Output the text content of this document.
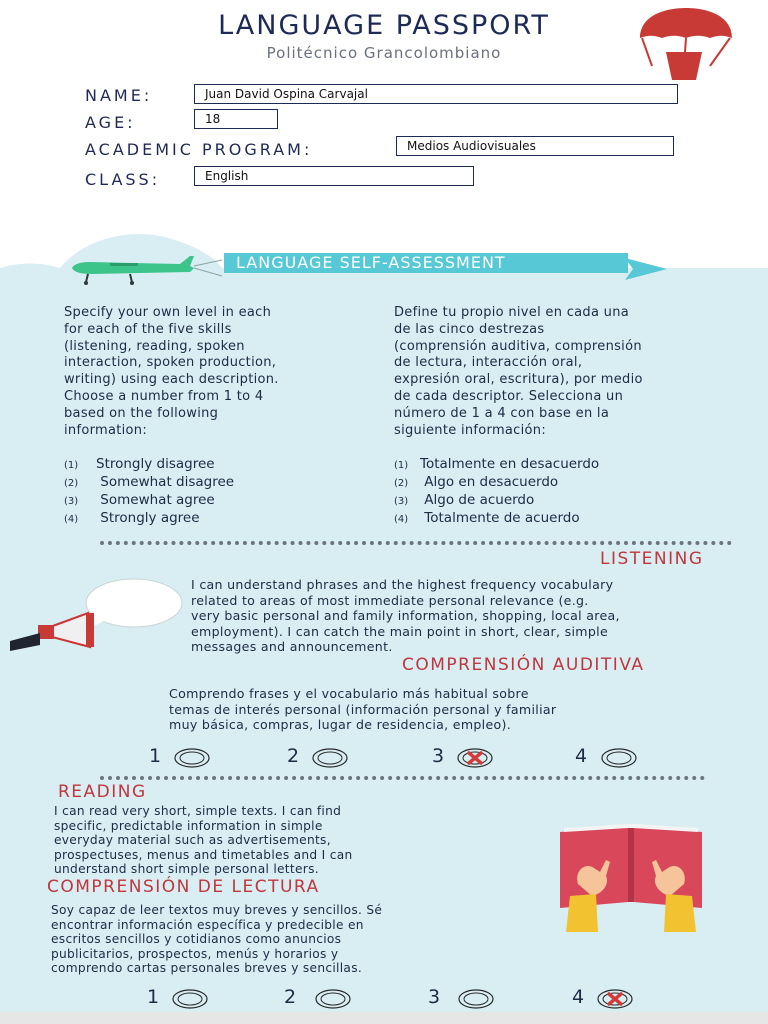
LANGUAGE PASSPORT
Politécnico Grancolombiano
NAME:	Juan David Ospina Carvajal
AGE:	18
ACADEMIC PROGRAM:	Medios Audiovisuales
CLASS:	English
LANGUAGE SELF-ASSESSMENT
Specify your own level in each
for each of the five skills
(listening, reading, spoken
interaction, spoken production,
writing) using each description.
Choose a number from 1 to 4
based on the following
information:
Define tu propio nivel en cada una
de las cinco destrezas
(comprensión auditiva, comprensión
de lectura, interacción oral,
expresión oral, escritura), por medio
de cada descriptor. Selecciona un
número de 1 a 4 con base en la
siguiente información:
(1) Strongly disagree
(2) Somewhat disagree
(3) Somewhat agree
(4) Strongly agree
(1) Totalmente en desacuerdo
(2) Algo en desacuerdo
(3) Algo de acuerdo
(4) Totalmente de acuerdo
LISTENING
I can understand phrases and the highest frequency vocabulary
related to areas of most immediate personal relevance (e.g.
very basic personal and family information, shopping, local area,
employment). I can catch the main point in short, clear, simple
messages and announcement.
COMPRENSIÓN AUDITIVA
Comprendo frases y el vocabulario más habitual sobre
temas de interés personal (información personal y familiar
muy básica, compras, lugar de residencia, empleo).
1	2	3	4
READING
I can read very short, simple texts. I can find
specific, predictable information in simple
everyday material such as advertisements,
prospectuses, menus and timetables and I can
understand short simple personal letters.
COMPRENSIÓN DE LECTURA
Soy capaz de leer textos muy breves y sencillos. Sé
encontrar información específica y predecible en
escritos sencillos y cotidianos como anuncios
publicitarios, prospectos, menús y horarios y
comprendo cartas personales breves y sencillas.
1	2	3	4
